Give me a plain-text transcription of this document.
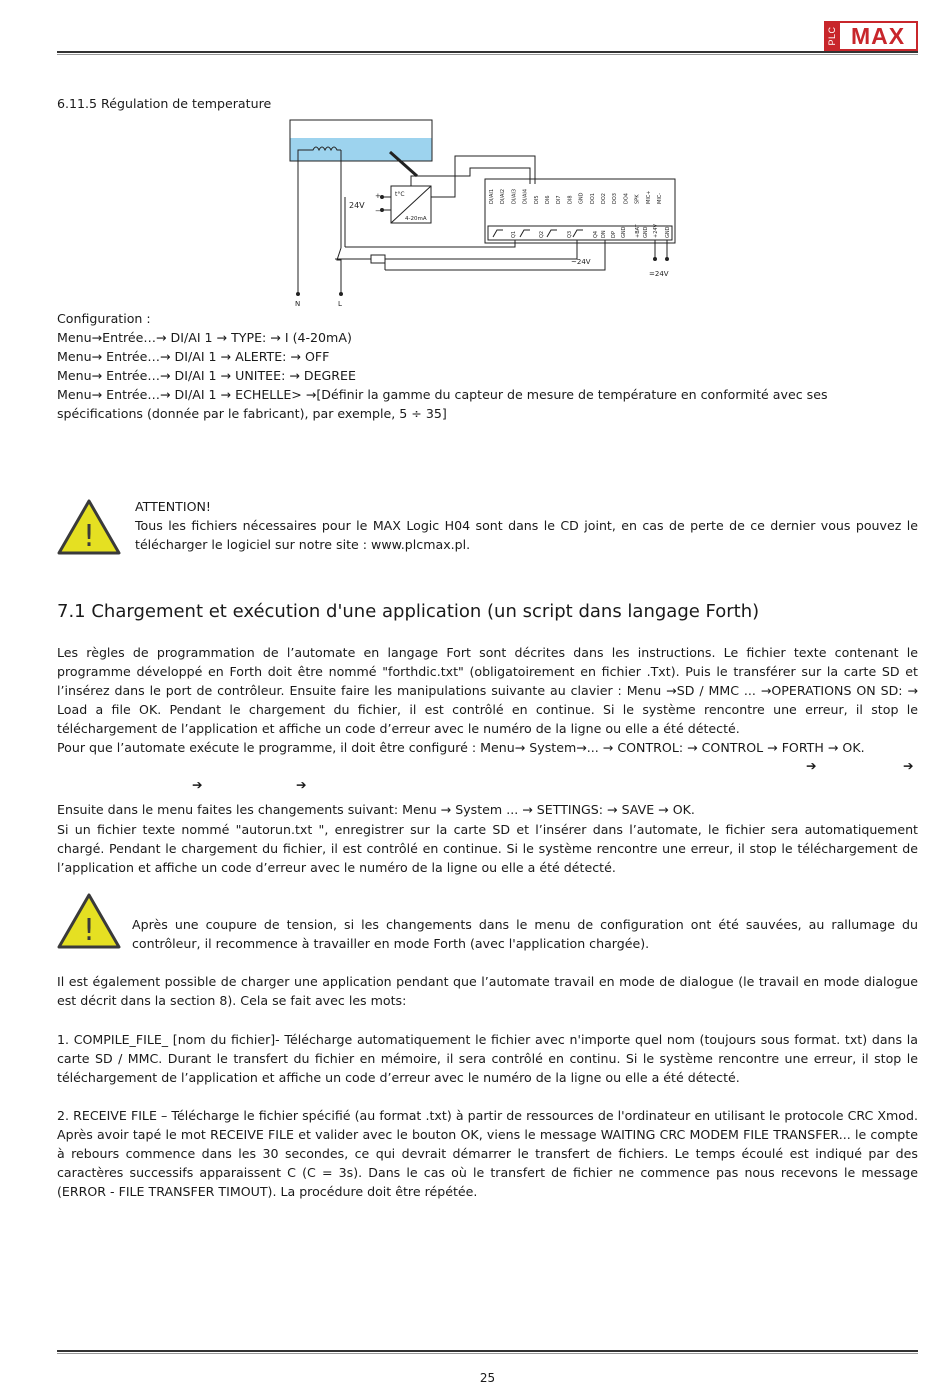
PLC MAX
6.11.5 Régulation de temperature
N	L
24V
+
−
t°C
4-20mA
~24V
=24V
DI/AI1 DI/AI2 DI/AI3 DI/AI4 DI5 DI6 DI7 DI8 GND DO1 DO2 DO3 DO4 SPK MIC+ MIC-
Q1	Q2	Q3	Q4 DN DP GND +BAT GND +24V GND
Configuration :
Menu→Entrée…→ DI/AI 1 → TYPE: → I (4-20mA)
Menu→ Entrée…→ DI/AI 1 → ALERTE: → OFF
Menu→ Entrée…→ DI/AI 1 → UNITEE: → DEGREE
Menu→ Entrée…→ DI/AI 1 → ECHELLE> →[Définir la gamme du capteur de mesure de température en conformité avec ses
spécifications (donnée par le fabricant), par exemple, 5 ÷ 35]
!
ATTENTION!
Tous les fichiers nécessaires pour le MAX Logic H04 sont dans le CD joint, en cas de perte de ce dernier vous pouvez le télécharger le logiciel sur notre site : www.plcmax.pl.
7.1 Chargement et exécution d'une application (un script dans langage Forth)
Les règles de programmation de l’automate en langage Fort sont décrites dans les instructions. Le fichier texte contenant le programme développé en Forth doit être nommé "forthdic.txt" (obligatoirement en fichier .Txt). Puis le transférer sur la carte SD et l’insérez dans le port de contrôleur. Ensuite faire les manipulations suivante au clavier : Menu →SD / MMC ... →OPERATIONS ON SD: → Load a file OK. Pendant le chargement du fichier, il est contrôlé en continue. Si le système rencontre une erreur, il stop le téléchargement de l’application et affiche un code d’erreur avec le numéro de la ligne ou elle a été détecté.
Pour que l’automate exécute le programme, il doit être configuré : Menu→ System→... → CONTROL: → CONTROL → FORTH → OK.
➔	➔
➔	➔
Ensuite dans le menu faites les changements suivant: Menu → System ... → SETTINGS: → SAVE → OK.
Si un fichier texte nommé "autorun.txt ", enregistrer sur la carte SD et l’insérer dans l’automate, le fichier sera automatiquement chargé. Pendant le chargement du fichier, il est contrôlé en continue. Si le système rencontre une erreur, il stop le téléchargement de l’application et affiche un code d’erreur avec le numéro de la ligne ou elle a été détecté.
!	Après une coupure de tension, si les changements dans le menu de configuration ont été sauvées, au rallumage du contrôleur, il recommence à travailler en mode Forth (avec l'application chargée).
Il est également possible de charger une application pendant que l’automate travail en mode de dialogue (le travail en mode dialogue est décrit dans la section 8). Cela se fait avec les mots:
1. COMPILE_FILE_ [nom du fichier]- Télécharge automatiquement le fichier avec n'importe quel nom (toujours sous format. txt) dans la carte SD / MMC. Durant le transfert du fichier en mémoire, il sera contrôlé en continu. Si le système rencontre une erreur, il stop le téléchargement de l’application et affiche un code d’erreur avec le numéro de la ligne ou elle a été détecté.
2. RECEIVE FILE – Télécharge le fichier spécifié (au format .txt) à partir de ressources de l'ordinateur en utilisant le protocole CRC Xmod. Après avoir tapé le mot RECEIVE FILE et valider avec le bouton OK, viens le message WAITING CRC MODEM FILE TRANSFER... le compte à rebours commence dans les 30 secondes, ce qui devrait démarrer le transfert de fichiers. Le temps écoulé est indiqué par des caractères successifs apparaissent C (C = 3s). Dans le cas où le transfert de fichier ne commence pas nous recevons le message (ERROR - FILE TRANSFER TIMOUT). La procédure doit être répétée.
25
